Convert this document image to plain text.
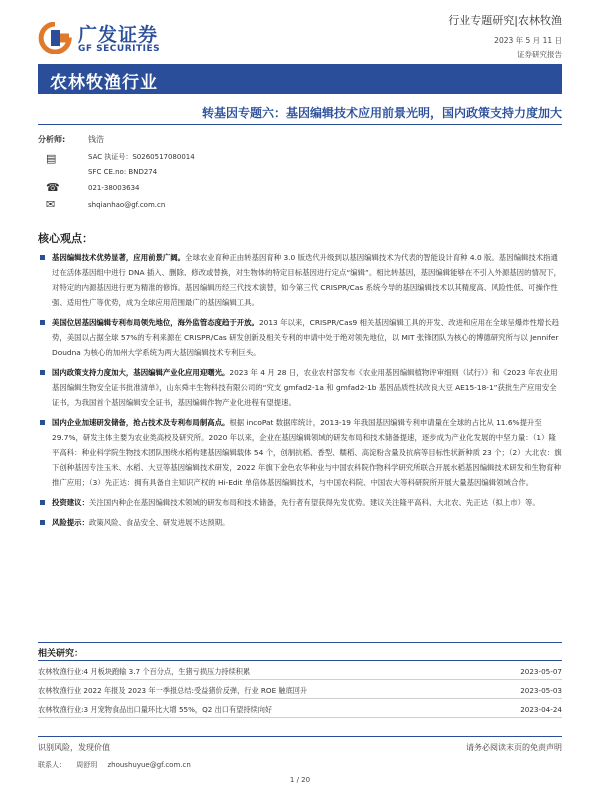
广发证券
GF SECURITIES
行业专题研究|农林牧渔
2023 年 5 月 11 日
证券研究报告
农林牧渔行业
转基因专题六：基因编辑技术应用前景光明，国内政策支持力度加大
分析师:	钱浩
▤	SAC 执证号：S0260517080014
SFC CE.no: BND274
☎	021-38003634
✉	shqianhao@gf.com.cn
核心观点：
基因编辑技术优势显著，应用前景广阔。全球农业育种正由转基因育种 3.0 版迭代升级到以基因编辑技术为代表的智能设计育种 4.0 版。基因编辑技术指通过在活体基因组中进行 DNA 插入、删除、修改或替换，对生物体的特定目标基因进行定点“编辑”。相比转基因，基因编辑能够在不引入外源基因的情况下，对特定的内源基因进行更为精准的修饰。基因编辑历经三代技术演替，如今第三代 CRISPR/Cas 系统今导的基因编辑技术以其精度高、风险性低、可操作性强、适用性广等优势，成为全球应用范围最广的基因编辑工具。
美国位居基因编辑专利布局领先地位，海外监管态度趋于开放。2013 年以来，CRISPR/Cas9 相关基因编辑工具的开发、改进和应用在全球呈爆炸性增长趋势，美国以占据全球 57%的专利来源在 CRISPR/Cas 研发创新及相关专利的申请中处于绝对领先地位，以 MIT 张锋团队为核心的博德研究所与以 Jennifer Doudna 为核心的加州大学系统为两大基因编辑技术专利巨头。
国内政策支持力度加大，基因编辑产业化应用迎曙光。2023 年 4 月 28 日，农业农村部发布《农业用基因编辑植物评审细则（试行）》和《2023 年农业用基因编辑生物安全证书批准清单》，山东舜丰生物科技有限公司的“究支 gmfad2-1a 和 gmfad2-1b 基因品质性状改良大豆 AE15-18-1”获批生产应用安全证书，为我国首个基因编辑安全证书，基因编辑作物产业化进程有望提速。
国内企业加速研发储备，抢占技术及专利布局制高点。根据 incoPat 数据库统计，2013-19 年我国基因编辑专利申请量在全球的占比从 11.6%提升至 29.7%，研发主体主要为农业类高校及研究所。2020 年以来，企业在基因编辑领域的研发布局和技术储备提速，逐步成为产业化发展的中坚力量：（1）隆平高科：种业科学院生物技术团队围绕水稻构建基因编辑载体 54 个，创制抗稻、香型、糯稻、高淀粉含量及抗病等目标性状新种质 23 个；（2）大北农：旗下创种基因专注玉米、水稻、大豆等基因编辑技术研发，2022 年旗下金色农华种业与中国农科院作物科学研究所联合开展水稻基因编辑技术研发和生物育种推广应用；（3）先正达：拥有具备自主知识产权的 Hi-Edit 单倍体基因编辑技术，与中国农科院、中国农大等科研院所开展大量基因编辑领域合作。
投资建议：关注国内种企在基因编辑技术领域的研发布局和技术储备，先行者有望获得先发优势。建议关注隆平高科、大北农、先正达（拟上市）等。
风险提示：政策风险、食品安全、研发进展不达预期。
相关研究：
农林牧渔行业:4 月板块跑输 3.7 个百分点，生猪亏损压力持续积累	2023-05-07
农林牧渔行业 2022 年报及 2023 年一季报总结:受益猪价反弹，行业 ROE 触底回升	2023-05-03
农林牧渔行业:3 月宠物食品出口量环比大增 55%，Q2 出口有望持续向好	2023-04-24
识别风险，发现价值	请务必阅读末页的免责声明
联系人： 周舒玥 zhoushuyue@gf.com.cn
1 / 20
